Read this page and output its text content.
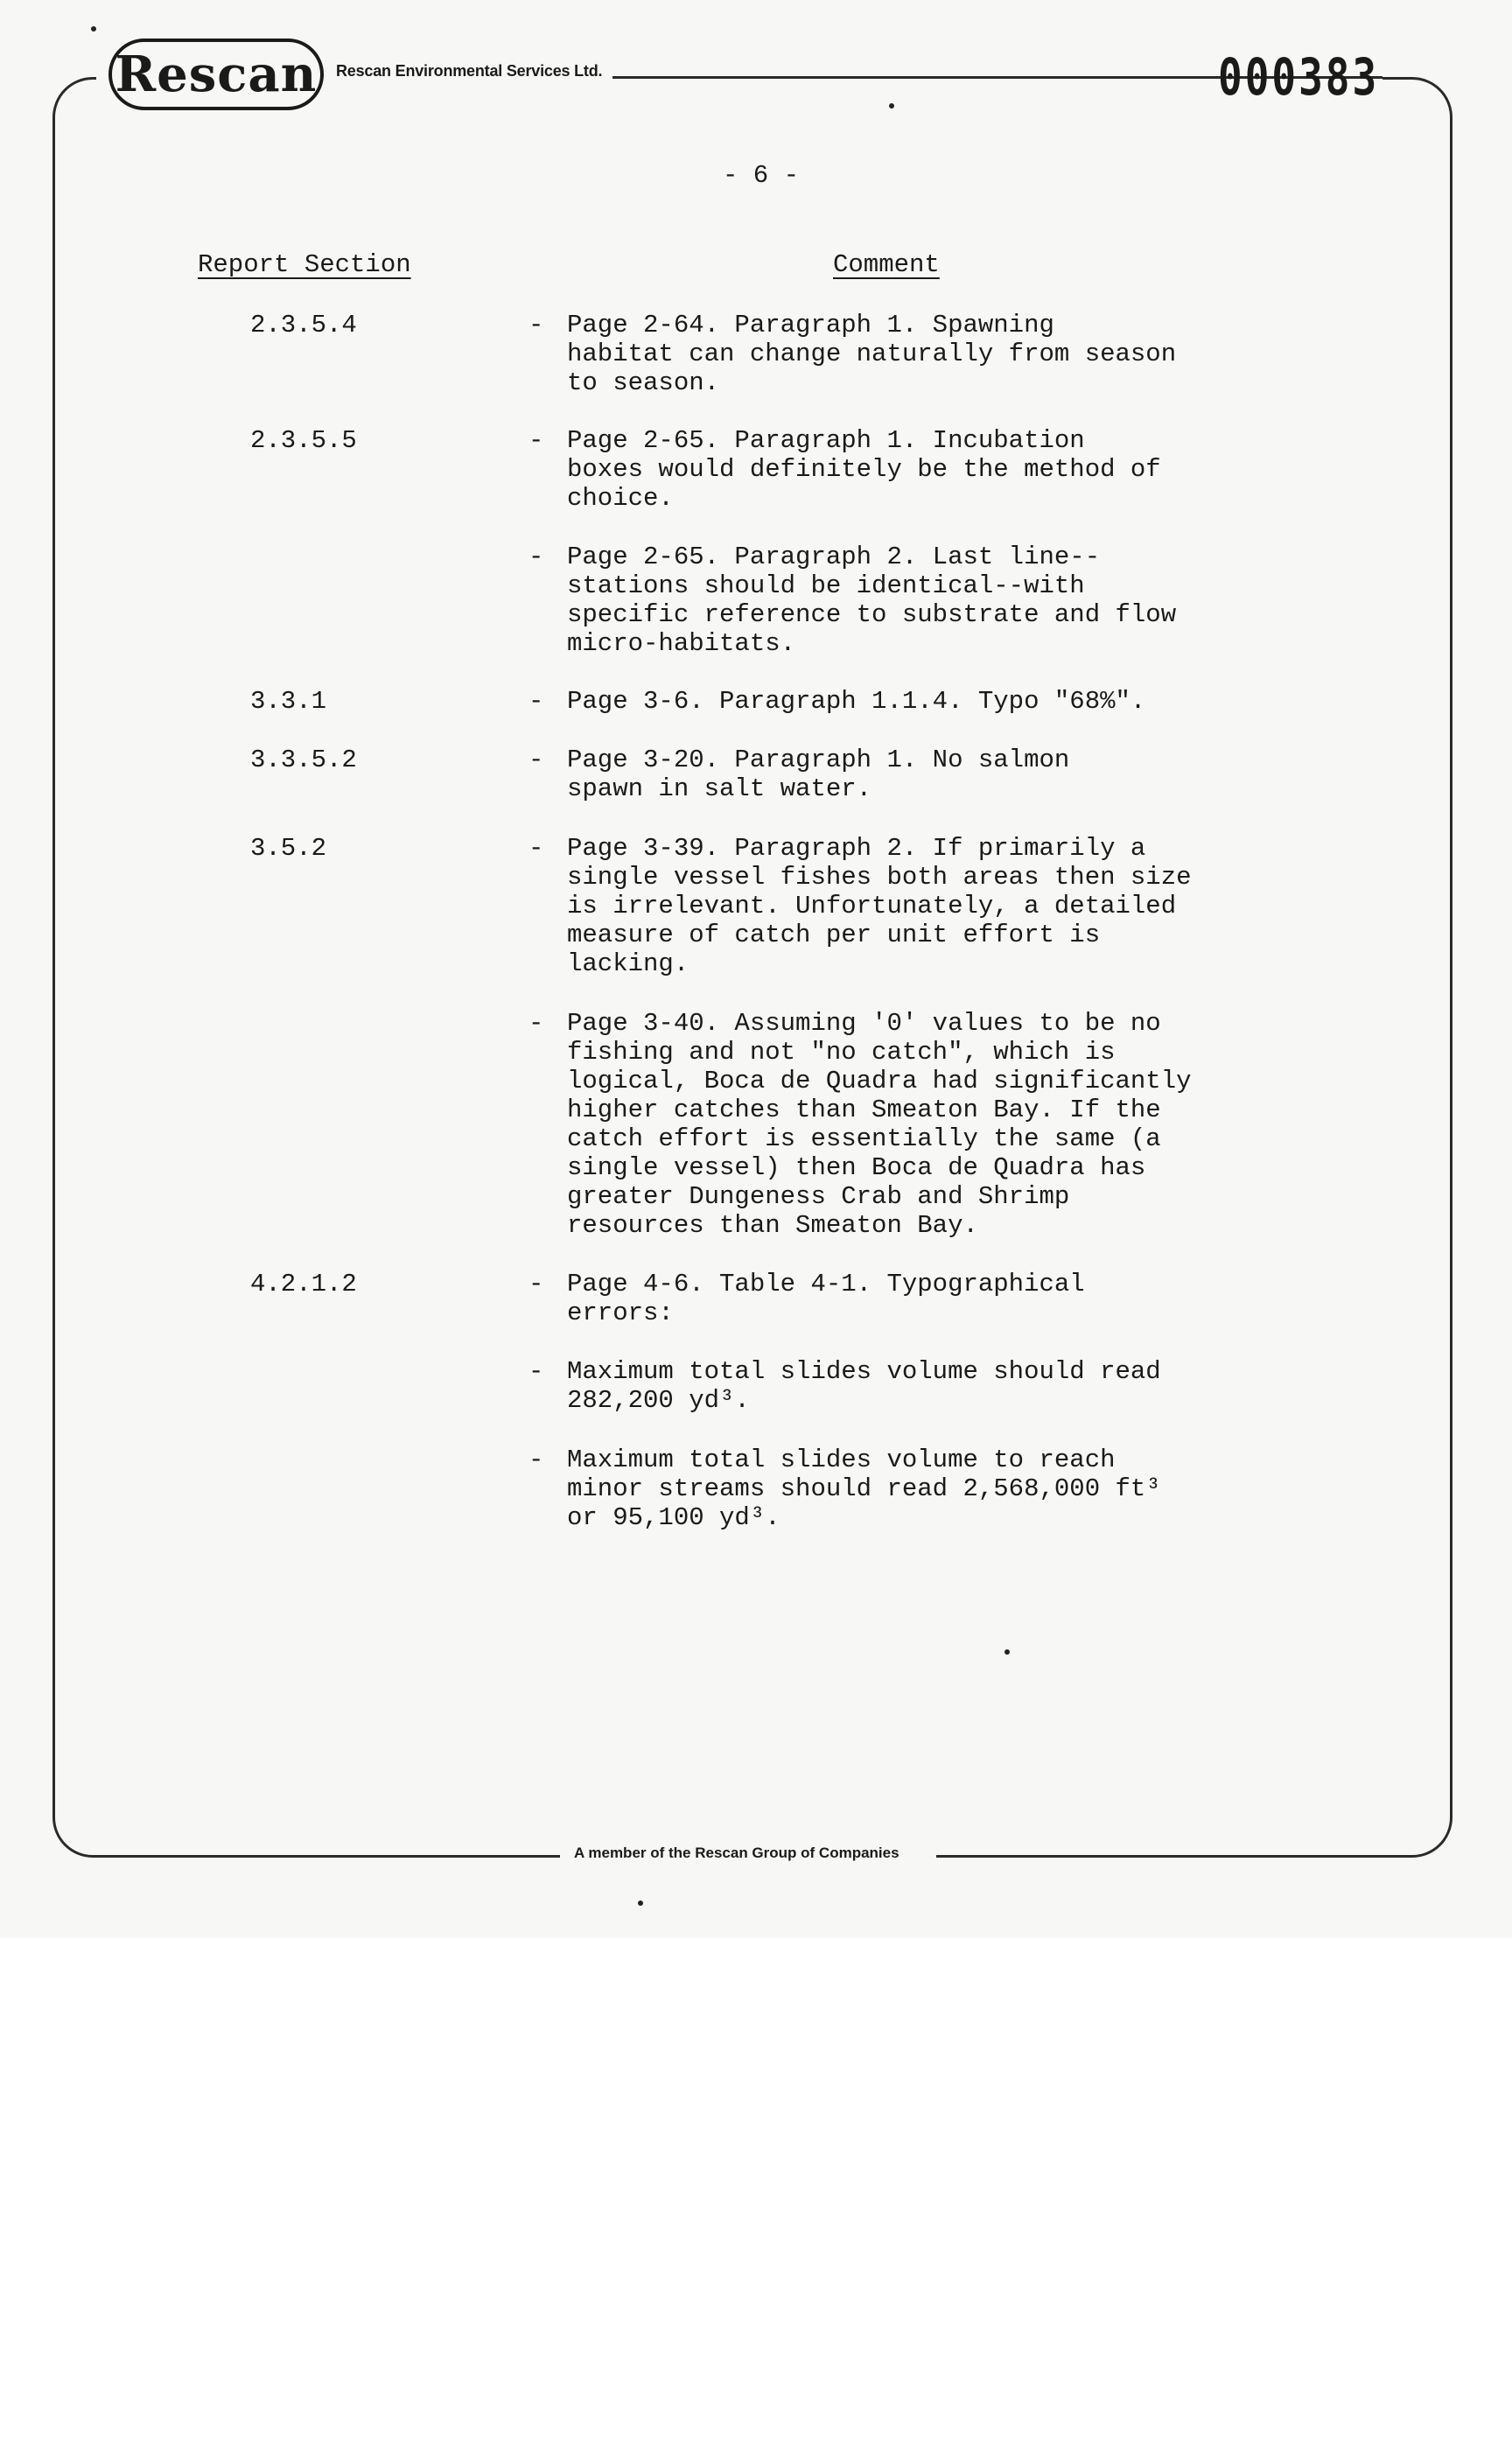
Rescan Rescan Environmental Services Ltd.	000383
- 6 -
Report Section	Comment
2.3.5.4	- Page 2-64. Paragraph 1. Spawning
habitat can change naturally from season
to season.
2.3.5.5	- Page 2-65. Paragraph 1. Incubation
boxes would definitely be the method of
choice.
- Page 2-65. Paragraph 2. Last line--
stations should be identical--with
specific reference to substrate and flow
micro-habitats.
3.3.1	- Page 3-6. Paragraph 1.1.4. Typo "68%".
3.3.5.2	- Page 3-20. Paragraph 1. No salmon
spawn in salt water.
3.5.2	- Page 3-39. Paragraph 2. If primarily a
single vessel fishes both areas then size
is irrelevant. Unfortunately, a detailed
measure of catch per unit effort is
lacking.
- Page 3-40. Assuming '0' values to be no
fishing and not "no catch", which is
logical, Boca de Quadra had significantly
higher catches than Smeaton Bay. If the
catch effort is essentially the same (a
single vessel) then Boca de Quadra has
greater Dungeness Crab and Shrimp
resources than Smeaton Bay.
4.2.1.2	- Page 4-6. Table 4-1. Typographical
errors:
- Maximum total slides volume should read
282,200 yd³.
- Maximum total slides volume to reach
minor streams should read 2,568,000 ft³
or 95,100 yd³.
A member of the Rescan Group of Companies
